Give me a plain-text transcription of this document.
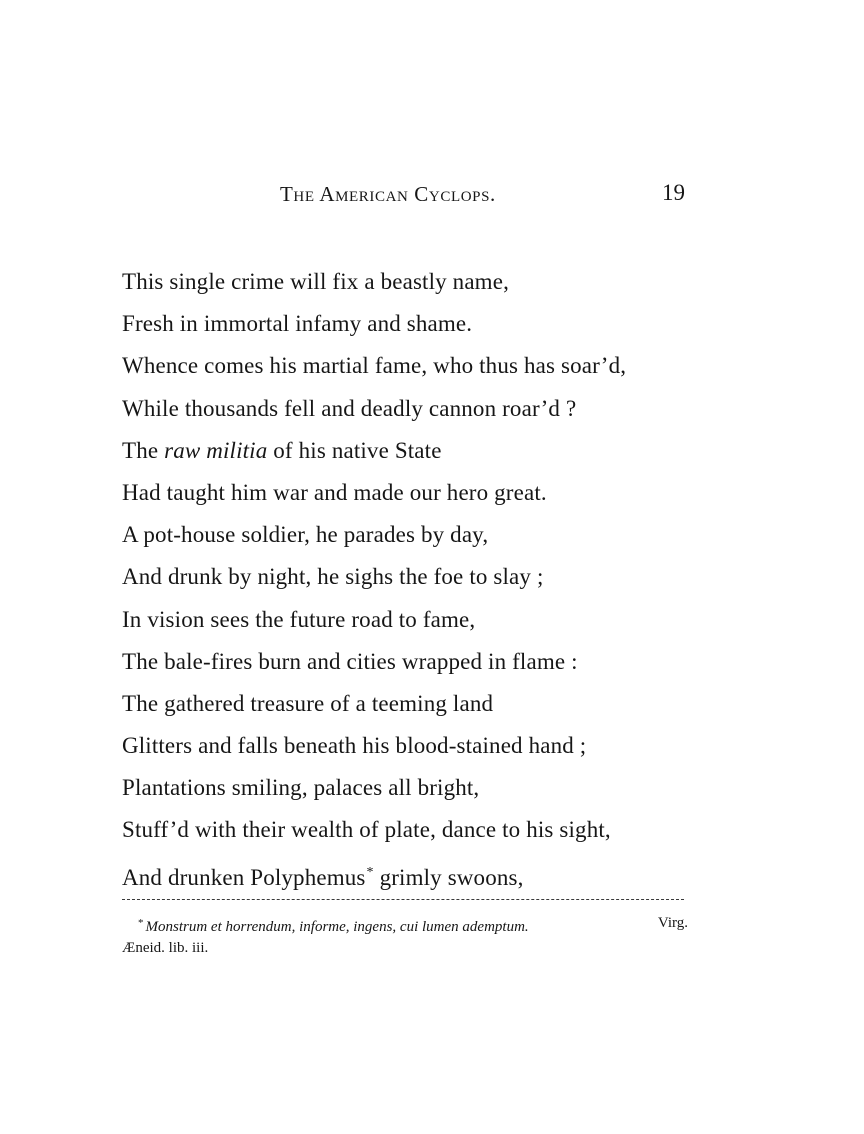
The American Cyclops.	19
This single crime will fix a beastly name,
Fresh in immortal infamy and shame.
Whence comes his martial fame, who thus has soar’d,
While thousands fell and deadly cannon roar’d ?
The raw militia of his native State
Had taught him war and made our hero great.
A pot-house soldier, he parades by day,
And drunk by night, he sighs the foe to slay ;
In vision sees the future road to fame,
The bale-fires burn and cities wrapped in flame :
The gathered treasure of a teeming land
Glitters and falls beneath his blood-stained hand ;
Plantations smiling, palaces all bright,
Stuff’d with their wealth of plate, dance to his sight,
And drunken Polyphemus* grimly swoons,
Virg.
* Monstrum et horrendum, informe, ingens, cui lumen ademptum.
Æneid. lib. iii.
